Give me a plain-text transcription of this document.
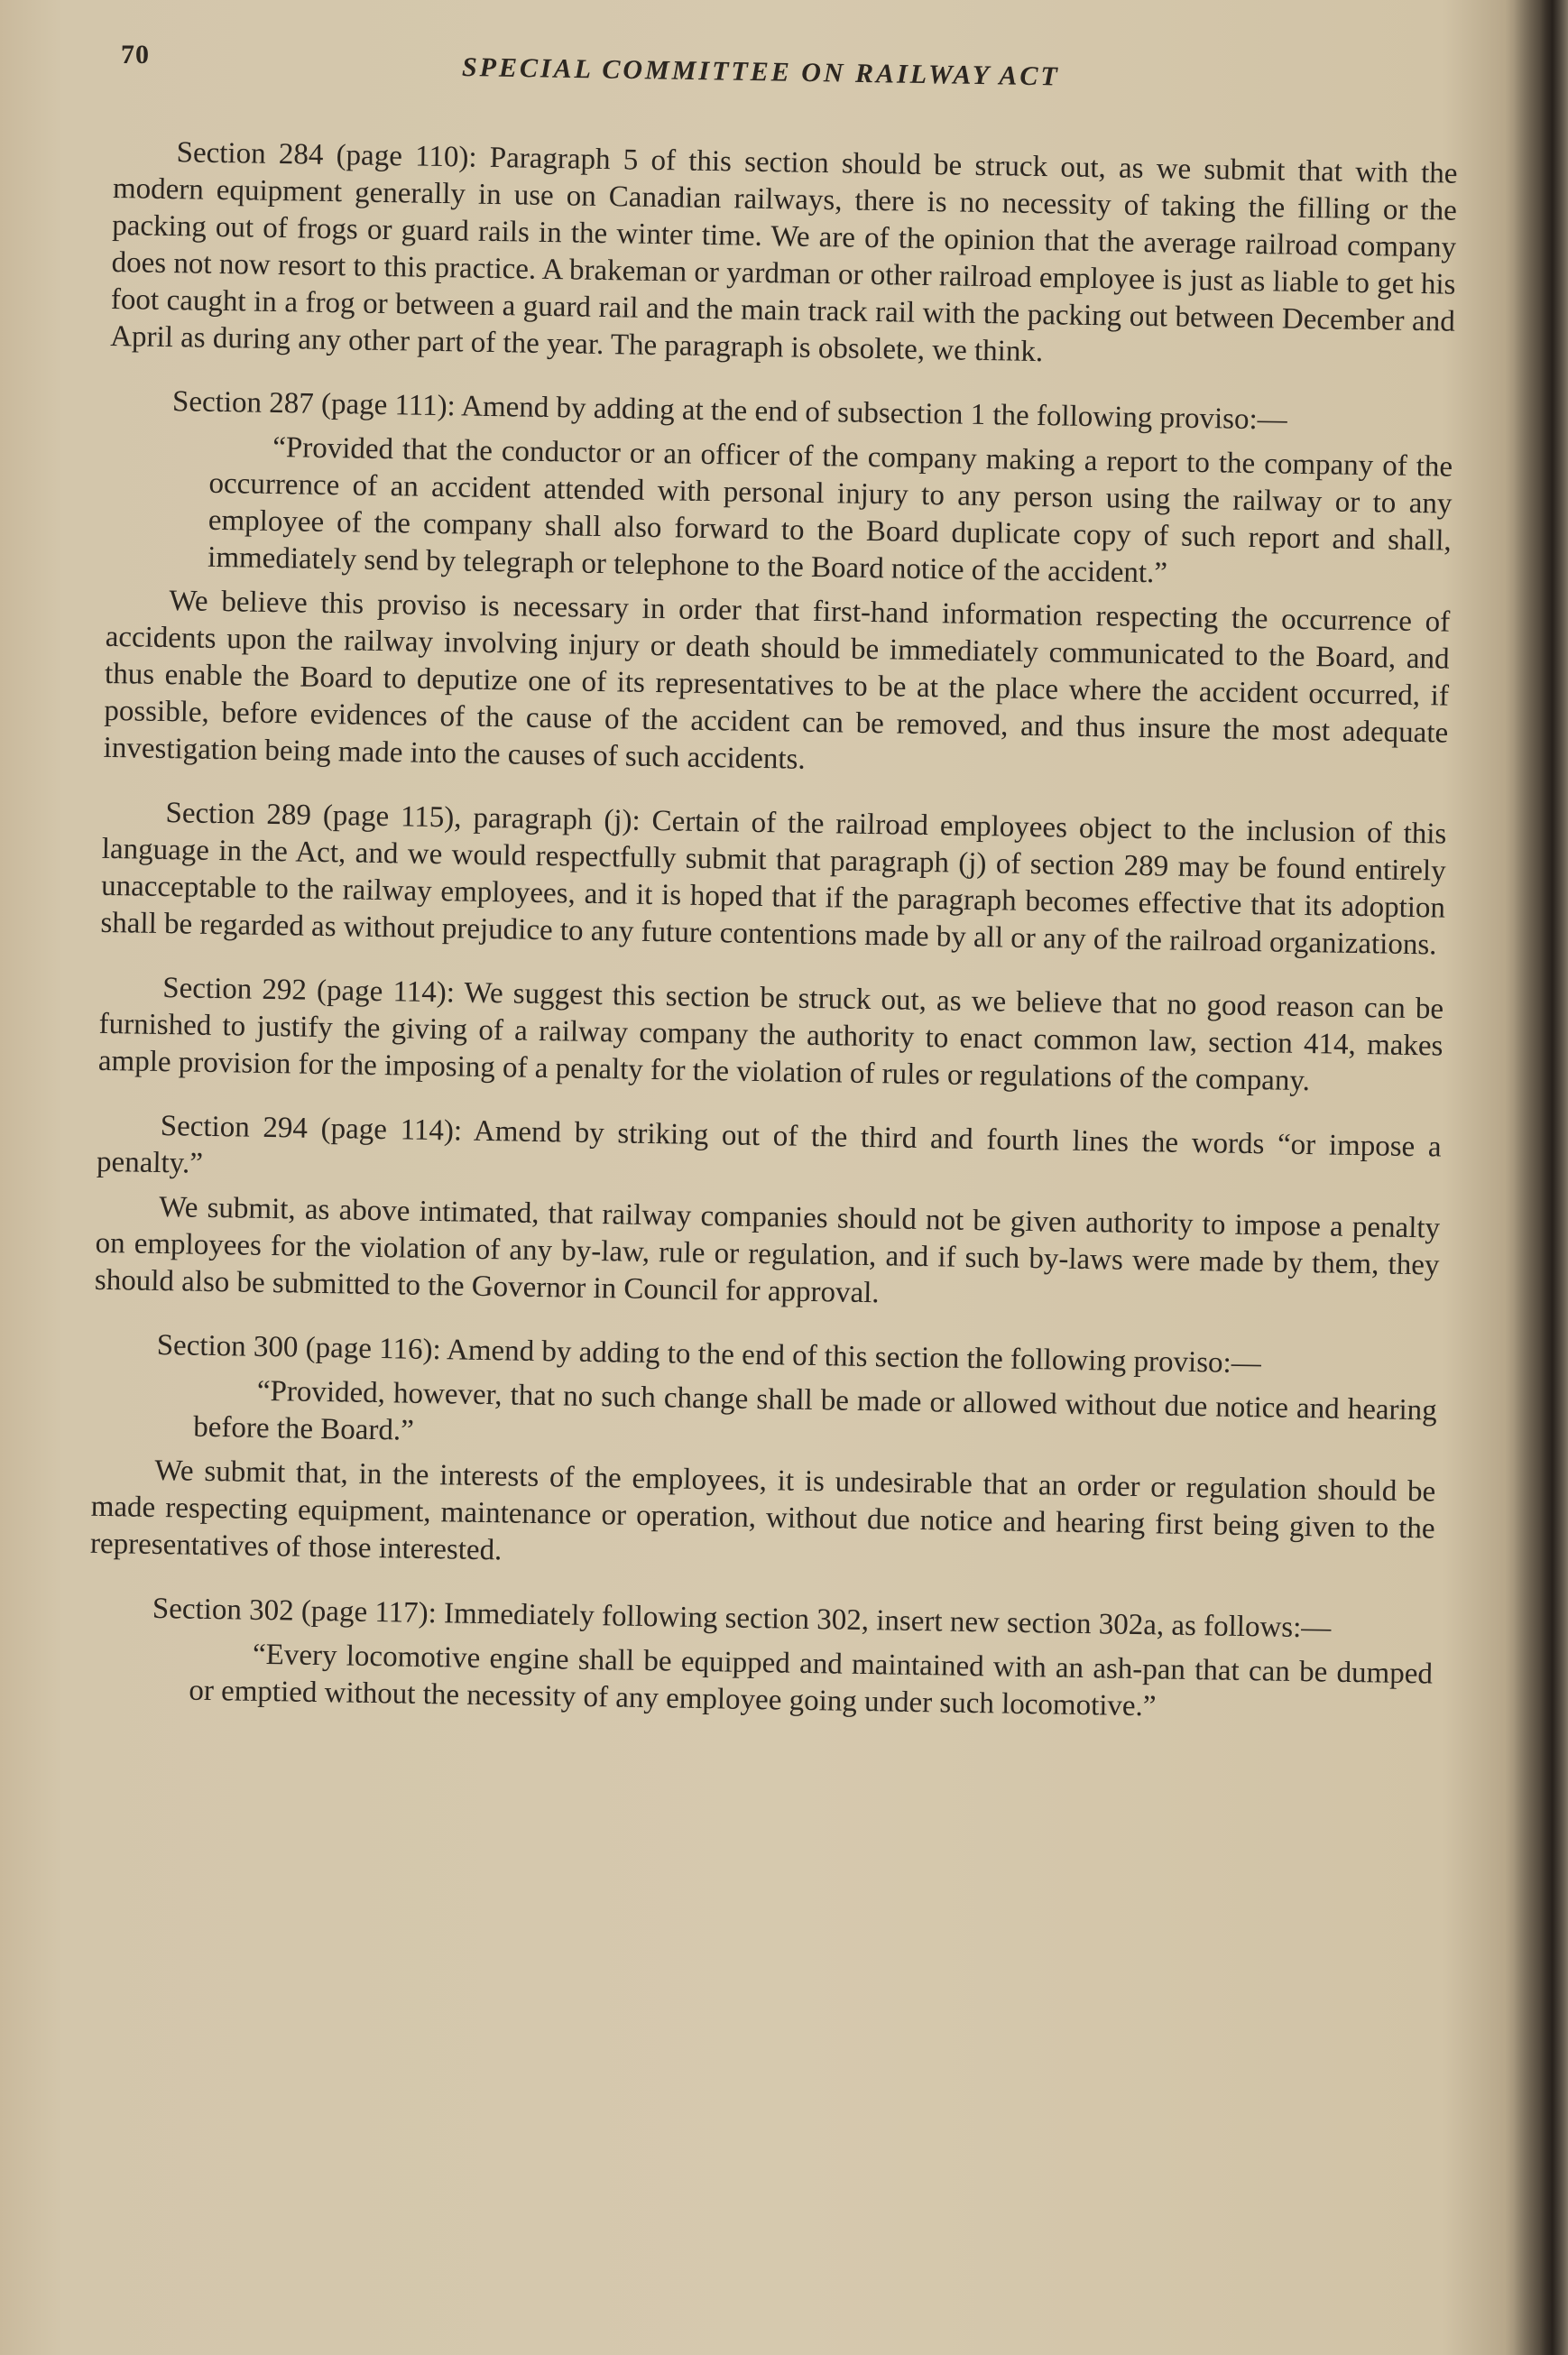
70	SPECIAL COMMITTEE ON RAILWAY ACT

Section 284 (page 110): Paragraph 5 of this section should be struck out, as we submit that with the modern equipment generally in use on Canadian railways, there is no necessity of taking the filling or the packing out of frogs or guard rails in the winter time. We are of the opinion that the average railroad company does not now resort to this practice. A brakeman or yardman or other railroad employee is just as liable to get his foot caught in a frog or between a guard rail and the main track rail with the packing out between December and April as during any other part of the year. The paragraph is obsolete, we think.

Section 287 (page 111): Amend by adding at the end of subsection 1 the following proviso:—

“Provided that the conductor or an officer of the company making a report to the company of the occurrence of an accident attended with personal injury to any person using the railway or to any employee of the company shall also forward to the Board duplicate copy of such report and shall, immediately send by telegraph or telephone to the Board notice of the accident.”

We believe this proviso is necessary in order that first-hand information respecting the occurrence of accidents upon the railway involving injury or death should be immediately communicated to the Board, and thus enable the Board to deputize one of its representatives to be at the place where the accident occurred, if possible, before evidences of the cause of the accident can be removed, and thus insure the most adequate investigation being made into the causes of such accidents.

Section 289 (page 115), paragraph (j): Certain of the railroad employees object to the inclusion of this language in the Act, and we would respectfully submit that paragraph (j) of section 289 may be found entirely unacceptable to the railway employees, and it is hoped that if the paragraph becomes effective that its adoption shall be regarded as without prejudice to any future contentions made by all or any of the railroad organizations.

Section 292 (page 114): We suggest this section be struck out, as we believe that no good reason can be furnished to justify the giving of a railway company the authority to enact common law, section 414, makes ample provision for the imposing of a penalty for the violation of rules or regulations of the company.

Section 294 (page 114): Amend by striking out of the third and fourth lines the words “or impose a penalty.”

We submit, as above intimated, that railway companies should not be given authority to impose a penalty on employees for the violation of any by-law, rule or regulation, and if such by-laws were made by them, they should also be submitted to the Governor in Council for approval.

Section 300 (page 116): Amend by adding to the end of this section the following proviso:—

“Provided, however, that no such change shall be made or allowed without due notice and hearing before the Board.”

We submit that, in the interests of the employees, it is undesirable that an order or regulation should be made respecting equipment, maintenance or operation, without due notice and hearing first being given to the representatives of those interested.

Section 302 (page 117): Immediately following section 302, insert new section 302a, as follows:—

“Every locomotive engine shall be equipped and maintained with an ash-pan that can be dumped or emptied without the necessity of any employee going under such locomotive.”
